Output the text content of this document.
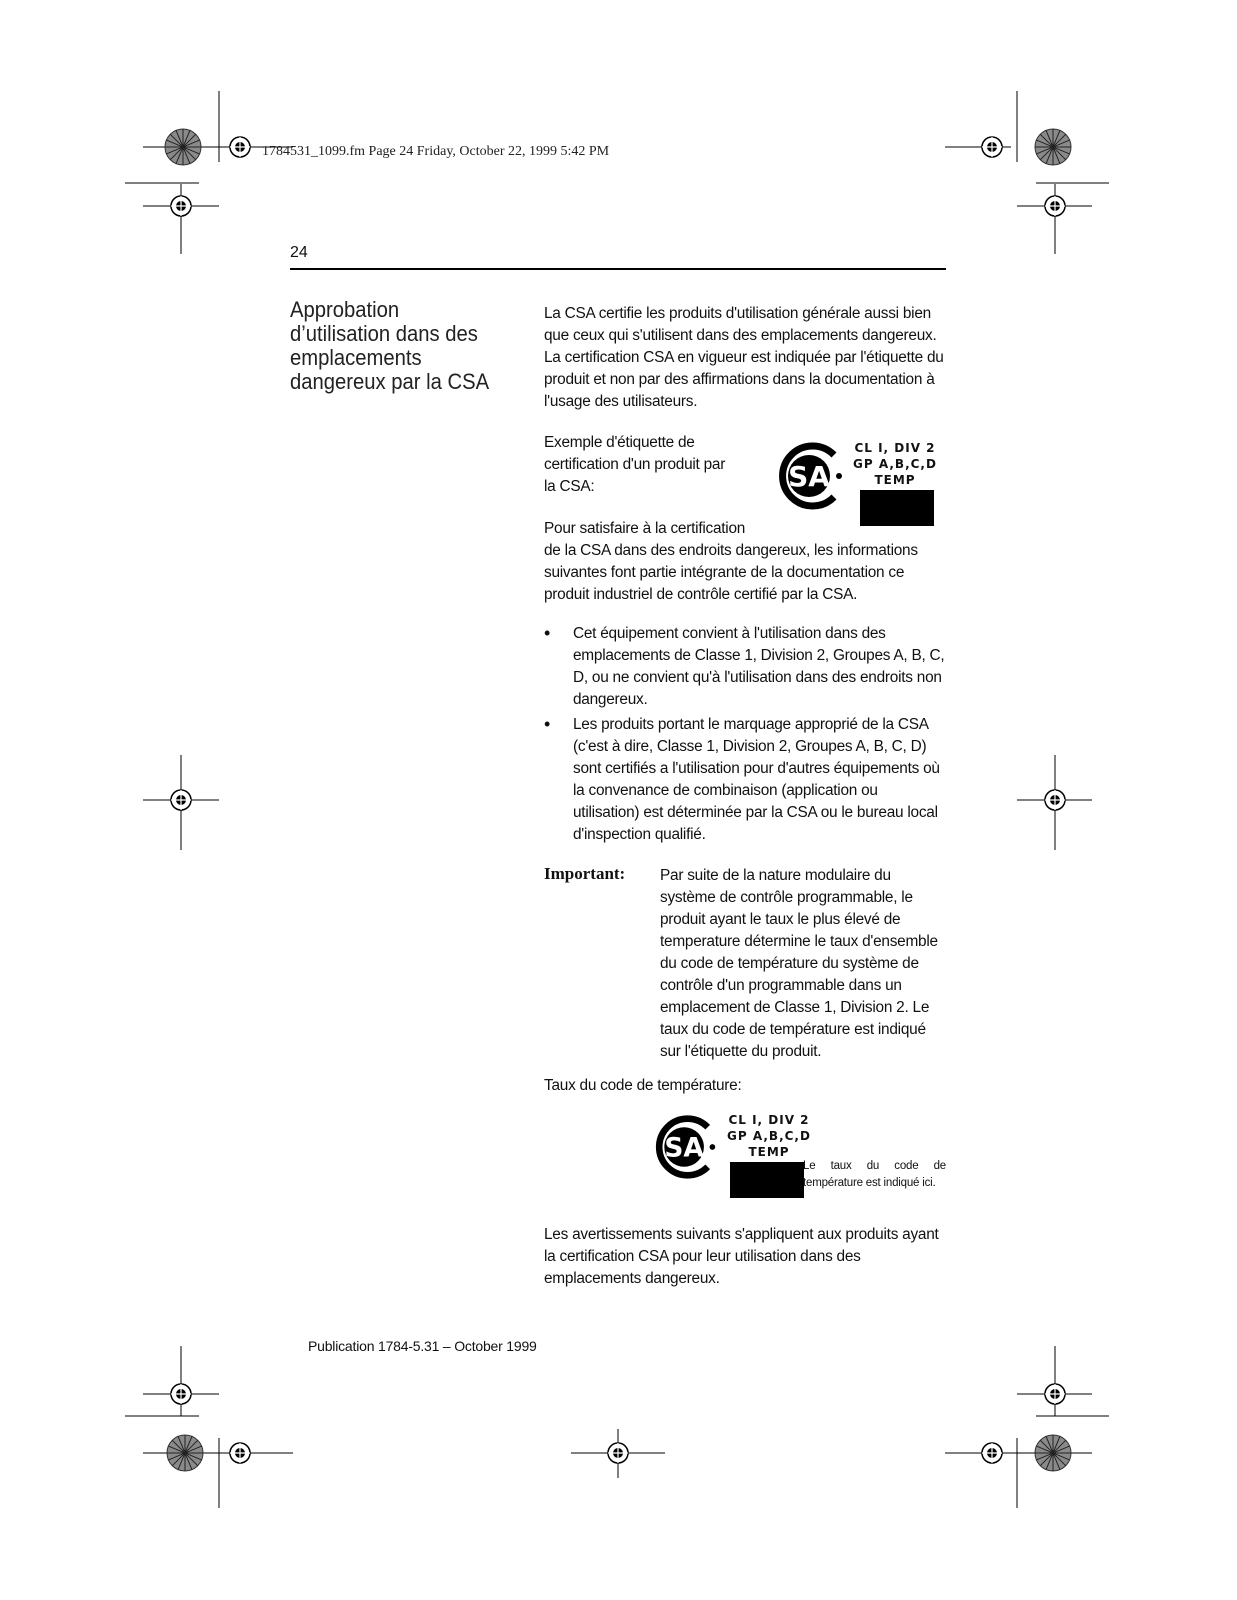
1784531_1099.fm Page 24 Friday, October 22, 1999 5:42 PM
24
Approbation d’utilisation dans des emplacements dangereux par la CSA
La CSA certifie les produits d'utilisation générale aussi bien que ceux qui s'utilisent dans des emplacements dangereux. La certification CSA en vigueur est indiquée par l'étiquette du produit et non par des affirmations dans la documentation à l'usage des utilisateurs.
Exemple d'étiquette de certification d'un produit par la CSA:	SA
CL I, DIV 2
GP A,B,C,D
TEMP
Pour satisfaire à la certification
de la CSA dans des endroits dangereux, les informations suivantes font partie intégrante de la documentation ce produit industriel de contrôle certifié par la CSA.
• Cet équipement convient à l'utilisation dans des emplacements de Classe 1, Division 2, Groupes A, B, C, D, ou ne convient qu'à l'utilisation dans des endroits non dangereux.
• Les produits portant le marquage approprié de la CSA (c'est à dire, Classe 1, Division 2, Groupes A, B, C, D) sont certifiés a l'utilisation pour d'autres équipements où la convenance de combinaison (application ou utilisation) est déterminée par la CSA ou le bureau local d'inspection qualifié.
Important: Par suite de la nature modulaire du système de contrôle programmable, le produit ayant le taux le plus élevé de temperature détermine le taux d'ensemble du code de température du système de contrôle d'un programmable dans un emplacement de Classe 1, Division 2. Le taux du code de température est indiqué sur l'étiquette du produit.
Taux du code de température:
SA
CL I, DIV 2
GP A,B,C,D
TEMP
Le taux du code de température est indiqué ici.
Les avertissements suivants s'appliquent aux produits ayant la certification CSA pour leur utilisation dans des emplacements dangereux.
Publication 1784-5.31 – October 1999
